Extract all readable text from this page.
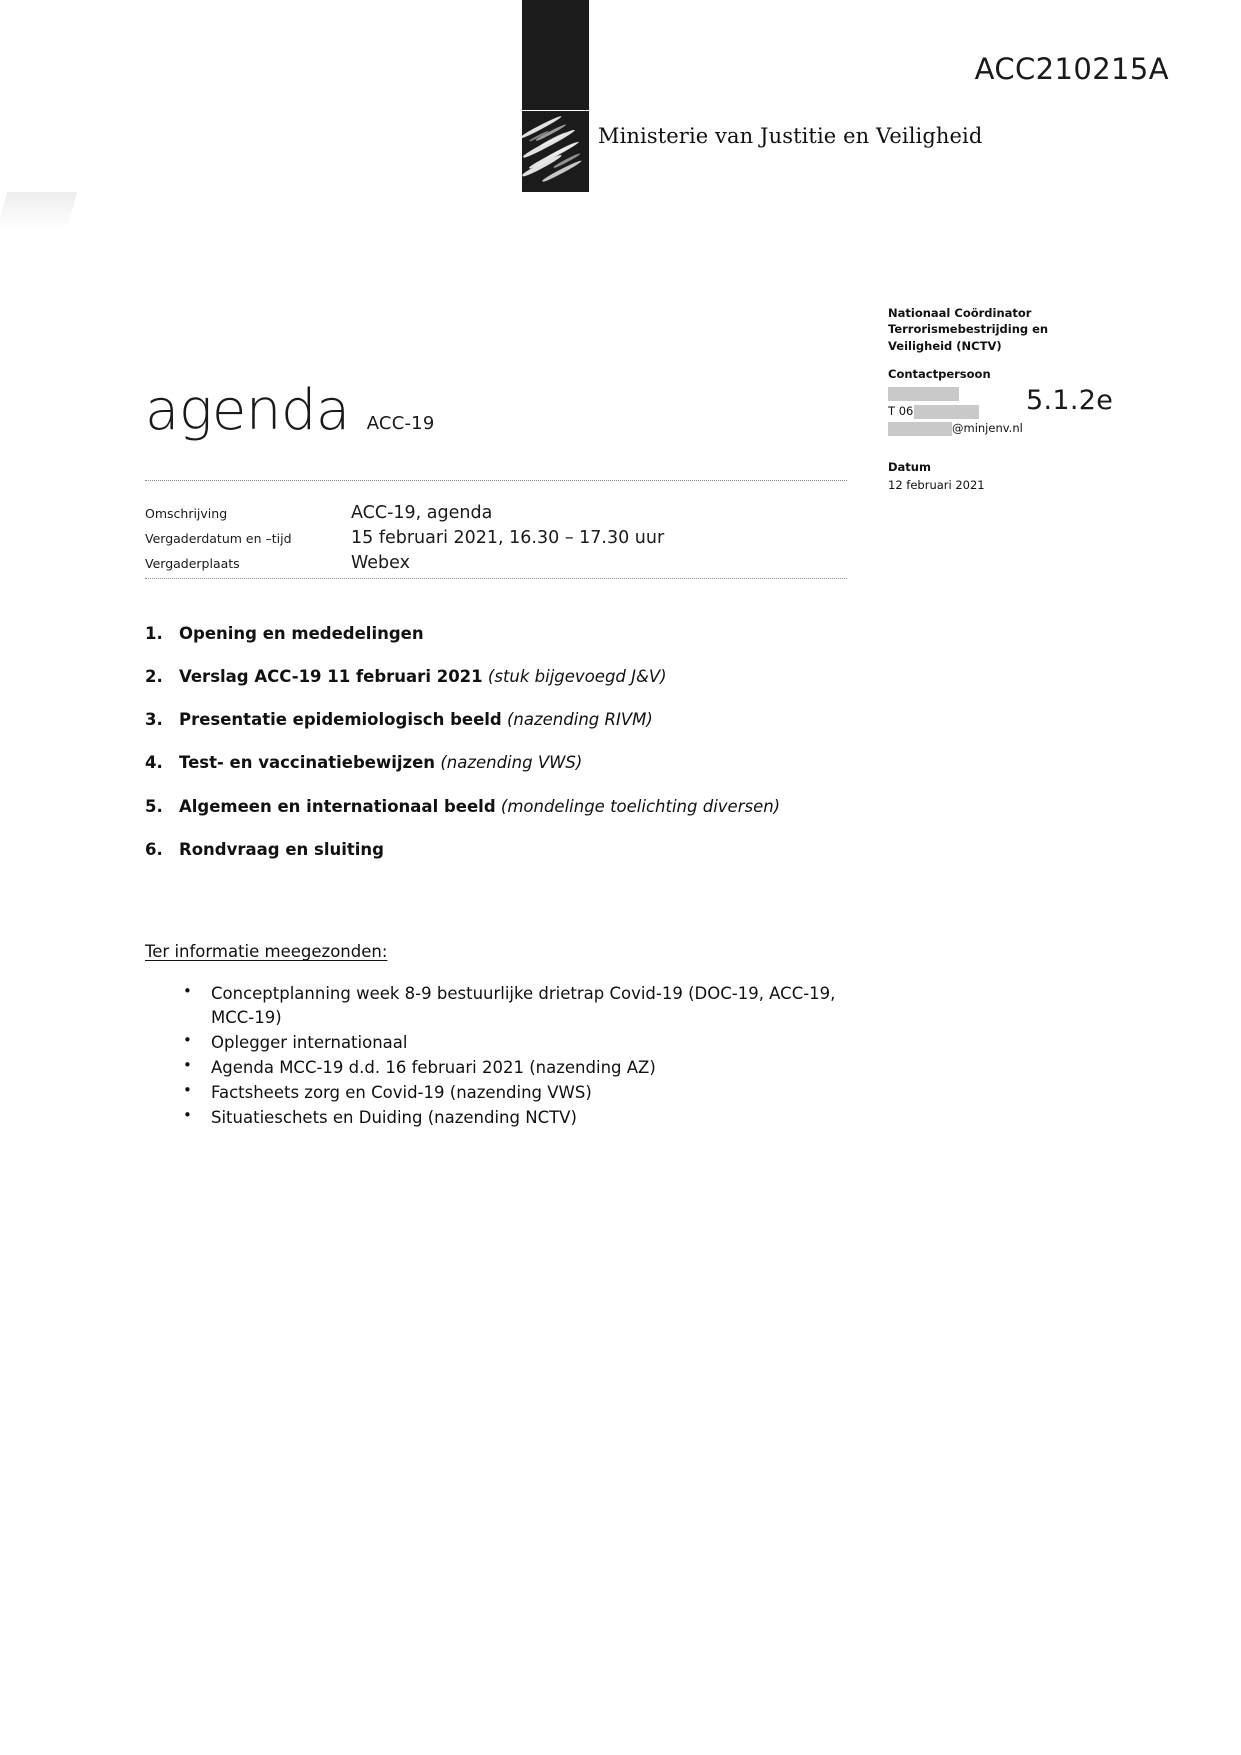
Ministerie van Justitie en Veiligheid
ACC210215A
Nationaal Coördinator Terrorismebestrijding en Veiligheid (NCTV)
Contactpersoon
T 06
@minjenv.nl
Datum
12 februari 2021
5.1.2e
agenda ACC-19
Omschrijving	ACC-19, agenda
Vergaderdatum en –tijd	15 februari 2021, 16.30 – 17.30 uur
Vergaderplaats	Webex
1. Opening en mededelingen
2. Verslag ACC-19 11 februari 2021 (stuk bijgevoegd J&V)
3. Presentatie epidemiologisch beeld (nazending RIVM)
4. Test- en vaccinatiebewijzen (nazending VWS)
5. Algemeen en internationaal beeld (mondelinge toelichting diversen)
6. Rondvraag en sluiting
Ter informatie meegezonden:
• Conceptplanning week 8-9 bestuurlijke drietrap Covid-19 (DOC-19, ACC-19, MCC-19)
• Oplegger internationaal
• Agenda MCC-19 d.d. 16 februari 2021 (nazending AZ)
• Factsheets zorg en Covid-19 (nazending VWS)
• Situatieschets en Duiding (nazending NCTV)
